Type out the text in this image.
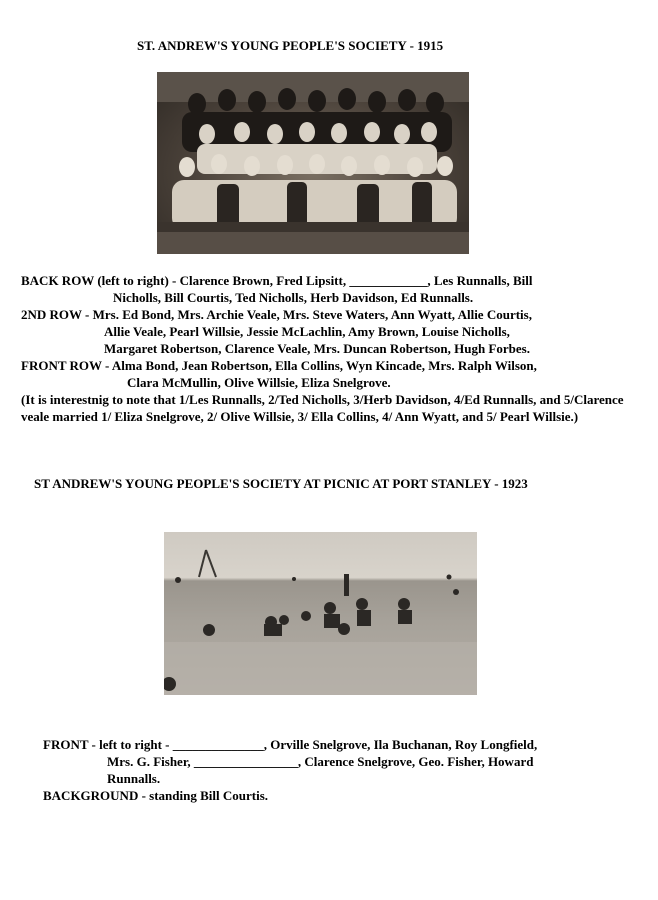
ST. ANDREW'S YOUNG PEOPLE'S SOCIETY - 1915

BACK ROW (left to right) - Clarence Brown, Fred Lipsitt, ____________, Les Runnalls, Bill
Nicholls, Bill Courtis, Ted Nicholls, Herb Davidson, Ed Runnalls.

2ND ROW - Mrs. Ed Bond, Mrs. Archie Veale, Mrs. Steve Waters, Ann Wyatt, Allie Courtis,
Allie Veale, Pearl Willsie, Jessie McLachlin, Amy Brown, Louise Nicholls,
Margaret Robertson, Clarence Veale, Mrs. Duncan Robertson, Hugh Forbes.

FRONT ROW - Alma Bond, Jean Robertson, Ella Collins, Wyn Kincade, Mrs. Ralph Wilson,
Clara McMullin, Olive Willsie, Eliza Snelgrove.

(It is interestnig to note that 1/Les Runnalls, 2/Ted Nicholls, 3/Herb Davidson, 4/Ed Runnalls, and 5/Clarence veale married 1/ Eliza Snelgrove, 2/ Olive Willsie, 3/ Ella Collins, 4/ Ann Wyatt, and 5/ Pearl Willsie.)

ST ANDREW'S YOUNG PEOPLE'S SOCIETY AT PICNIC AT PORT STANLEY - 1923

FRONT - left to right - ______________, Orville Snelgrove, Ila Buchanan, Roy Longfield,
Mrs. G. Fisher, ________________, Clarence Snelgrove, Geo. Fisher, Howard
Runnalls.

BACKGROUND - standing Bill Courtis.
